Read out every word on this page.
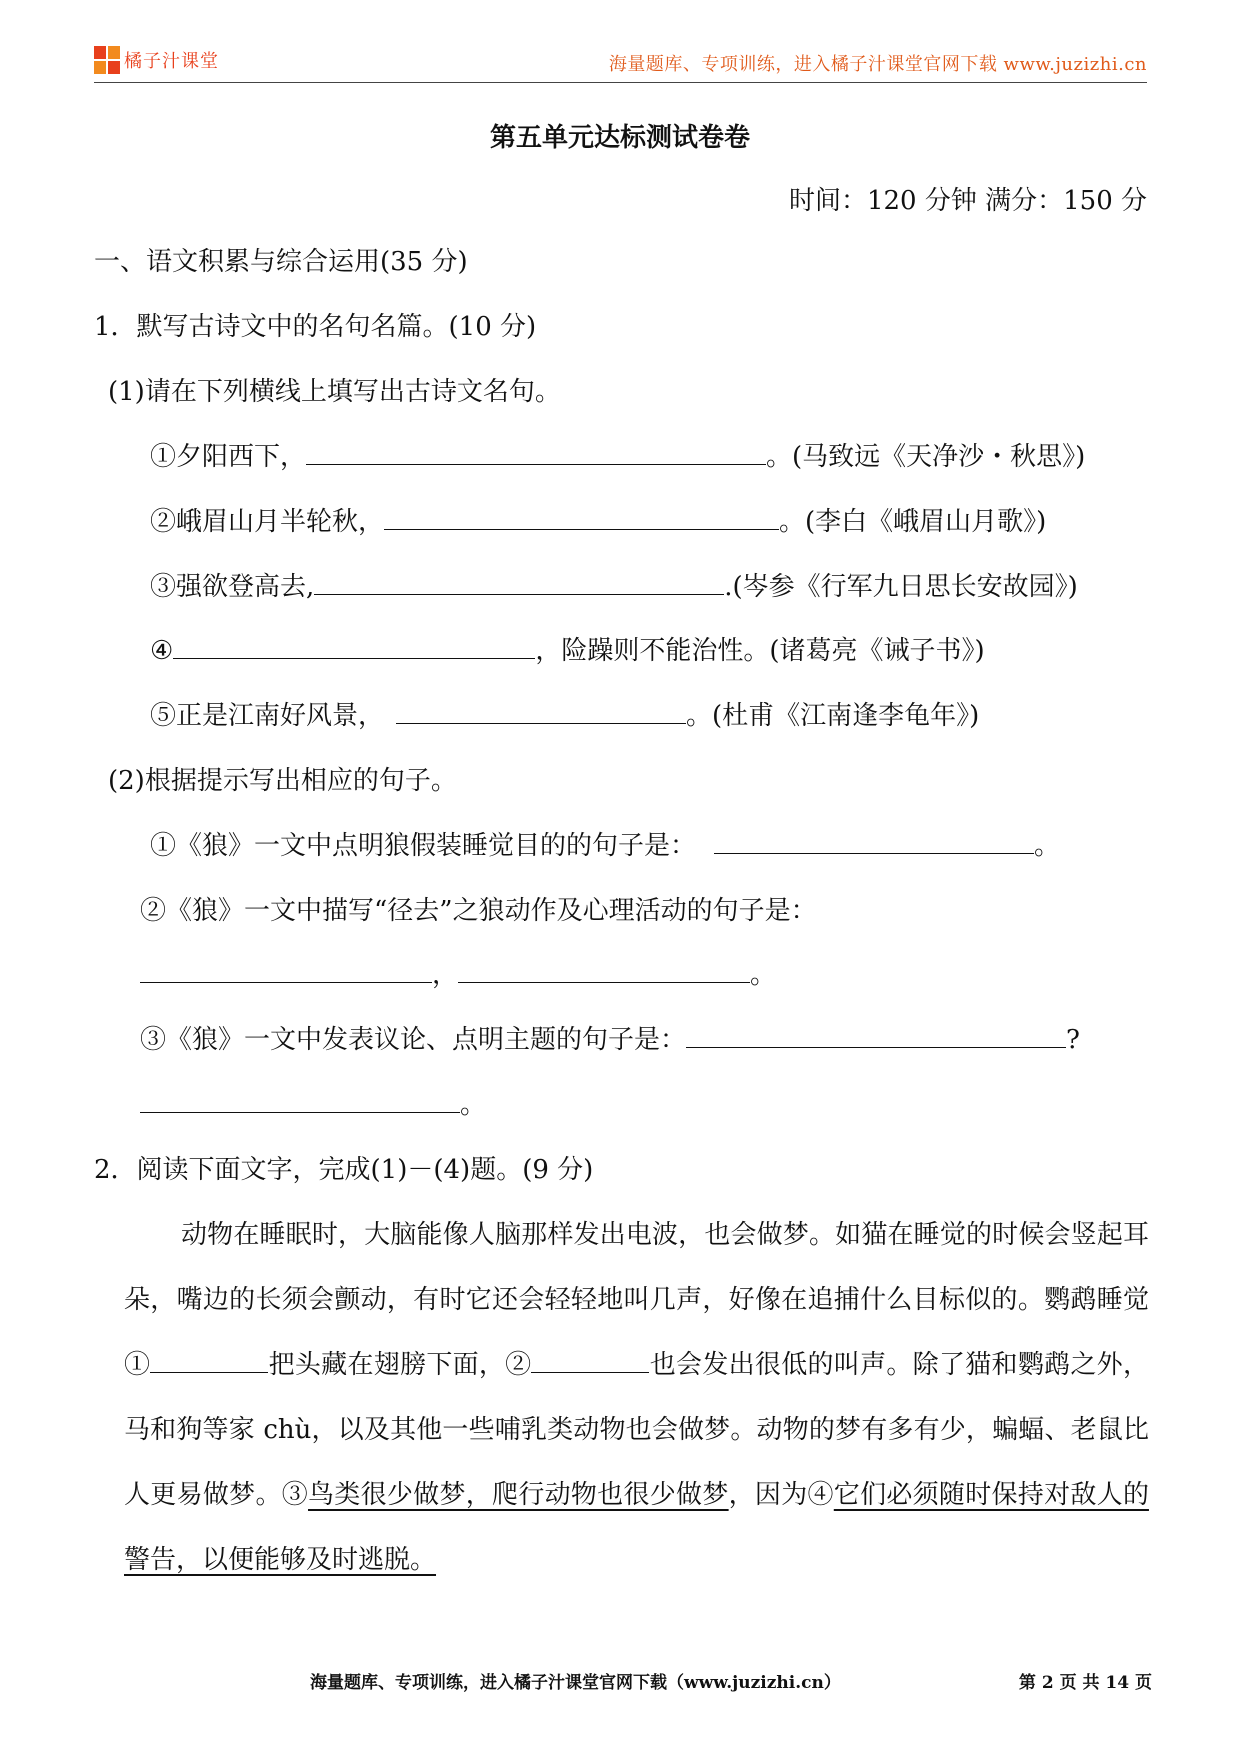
橘子汁课堂	海量题库、专项训练，进入橘子汁课堂官网下载 www.juzizhi.cn
第五单元达标测试卷卷
时间：120 分钟 满分：150 分
一、语文积累与综合运用(35 分)
1．默写古诗文中的名句名篇。(10 分)
(1)请在下列横线上填写出古诗文名句。
①夕阳西下，	。(马致远《天净沙・秋思》)
②峨眉山月半轮秋，	。(李白《峨眉山月歌》)
③强欲登高去,	.(岑参《行军九日思长安故园》)
④	，险躁则不能治性。(诸葛亮《诫子书》)
⑤正是江南好风景，	。(杜甫《江南逢李龟年》)
(2)根据提示写出相应的句子。
①《狼》一文中点明狼假装睡觉目的的句子是：	。
②《狼》一文中描写“径去”之狼动作及心理活动的句子是：
，	。
③《狼》一文中发表议论、点明主题的句子是：	?
。
2．阅读下面文字，完成(1)－(4)题。(9 分)
动物在睡眠时，大脑能像人脑那样发出电波，也会做梦。如猫在睡觉的时候会竖起耳朵，嘴边的长须会颤动，有时它还会轻轻地叫几声，好像在追捕什么目标似的。鹦鹉睡觉①	把头藏在翅膀下面，②	也会发出很低的叫声。除了猫和鹦鹉之外，马和狗等家 chù，以及其他一些哺乳类动物也会做梦。动物的梦有多有少，蝙蝠、老鼠比人更易做梦。③鸟类很少做梦，爬行动物也很少做梦，因为④它们必须随时保持对敌人的警告，以便能够及时逃脱。
海量题库、专项训练，进入橘子汁课堂官网下载（www.juzizhi.cn）	第 2 页 共 14 页
